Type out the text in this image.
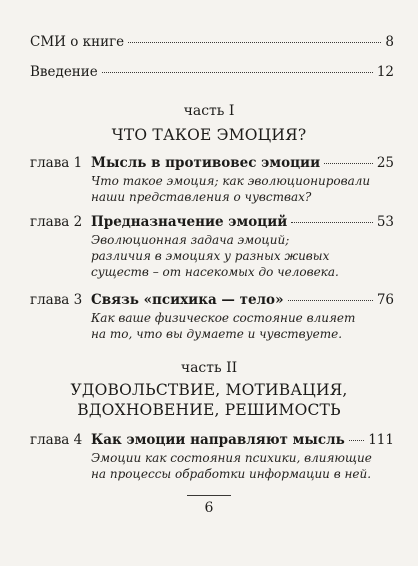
СМИ о книге	8
Введение	12
часть I
ЧТО ТАКОЕ ЭМОЦИЯ?
глава 1 Мысль в противовес эмоции	25
Что такое эмоция; как эволюционировали
наши представления о чувствах?
глава 2 Предназначение эмоций	53
Эволюционная задача эмоций;
различия в эмоциях у разных живых
существ – от насекомых до человека.
глава 3 Связь «психика — тело»	76
Как ваше физическое состояние влияет
на то, что вы думаете и чувствуете.
часть II
УДОВОЛЬСТВИЕ, МОТИВАЦИЯ,
ВДОХНОВЕНИЕ, РЕШИМОСТЬ
глава 4 Как эмоции направляют мысль 111
Эмоции как состояния психики, влияющие
на процессы обработки информации в ней.
6
